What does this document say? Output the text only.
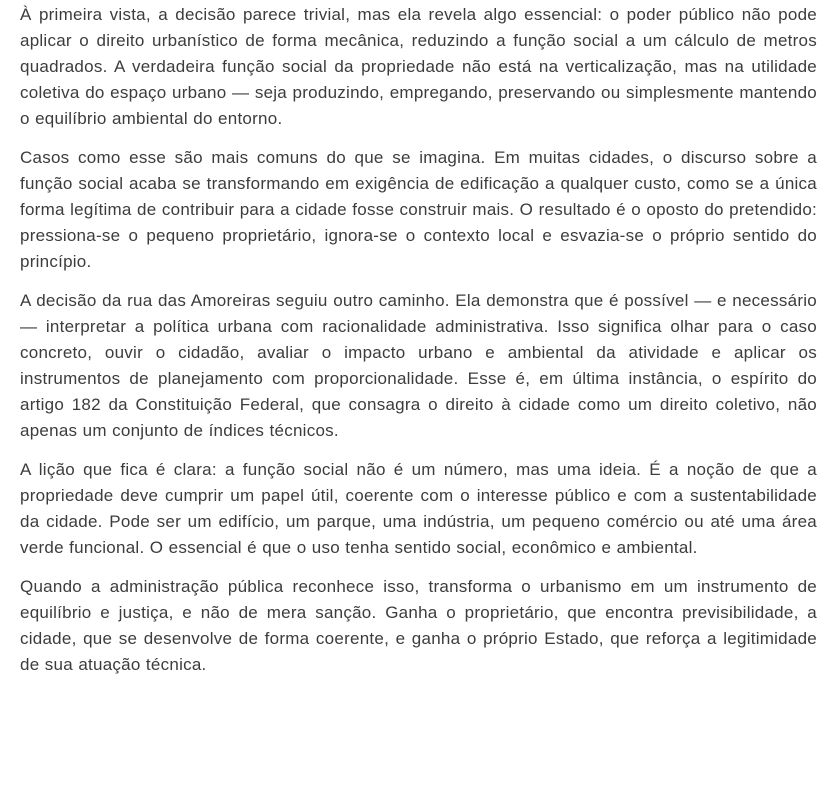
À primeira vista, a decisão parece trivial, mas ela revela algo essencial: o poder público não pode aplicar o direito urbanístico de forma mecânica, reduzindo a função social a um cálculo de metros quadrados. A verdadeira função social da propriedade não está na verticalização, mas na utilidade coletiva do espaço urbano — seja produzindo, empregando, preservando ou simplesmente mantendo o equilíbrio ambiental do entorno.

Casos como esse são mais comuns do que se imagina. Em muitas cidades, o discurso sobre a função social acaba se transformando em exigência de edificação a qualquer custo, como se a única forma legítima de contribuir para a cidade fosse construir mais. O resultado é o oposto do pretendido: pressiona-se o pequeno proprietário, ignora-se o contexto local e esvazia-se o próprio sentido do princípio.

A decisão da rua das Amoreiras seguiu outro caminho. Ela demonstra que é possível — e necessário — interpretar a política urbana com racionalidade administrativa. Isso significa olhar para o caso concreto, ouvir o cidadão, avaliar o impacto urbano e ambiental da atividade e aplicar os instrumentos de planejamento com proporcionalidade. Esse é, em última instância, o espírito do artigo 182 da Constituição Federal, que consagra o direito à cidade como um direito coletivo, não apenas um conjunto de índices técnicos.

A lição que fica é clara: a função social não é um número, mas uma ideia. É a noção de que a propriedade deve cumprir um papel útil, coerente com o interesse público e com a sustentabilidade da cidade. Pode ser um edifício, um parque, uma indústria, um pequeno comércio ou até uma área verde funcional. O essencial é que o uso tenha sentido social, econômico e ambiental.

Quando a administração pública reconhece isso, transforma o urbanismo em um instrumento de equilíbrio e justiça, e não de mera sanção. Ganha o proprietário, que encontra previsibilidade, a cidade, que se desenvolve de forma coerente, e ganha o próprio Estado, que reforça a legitimidade de sua atuação técnica.
